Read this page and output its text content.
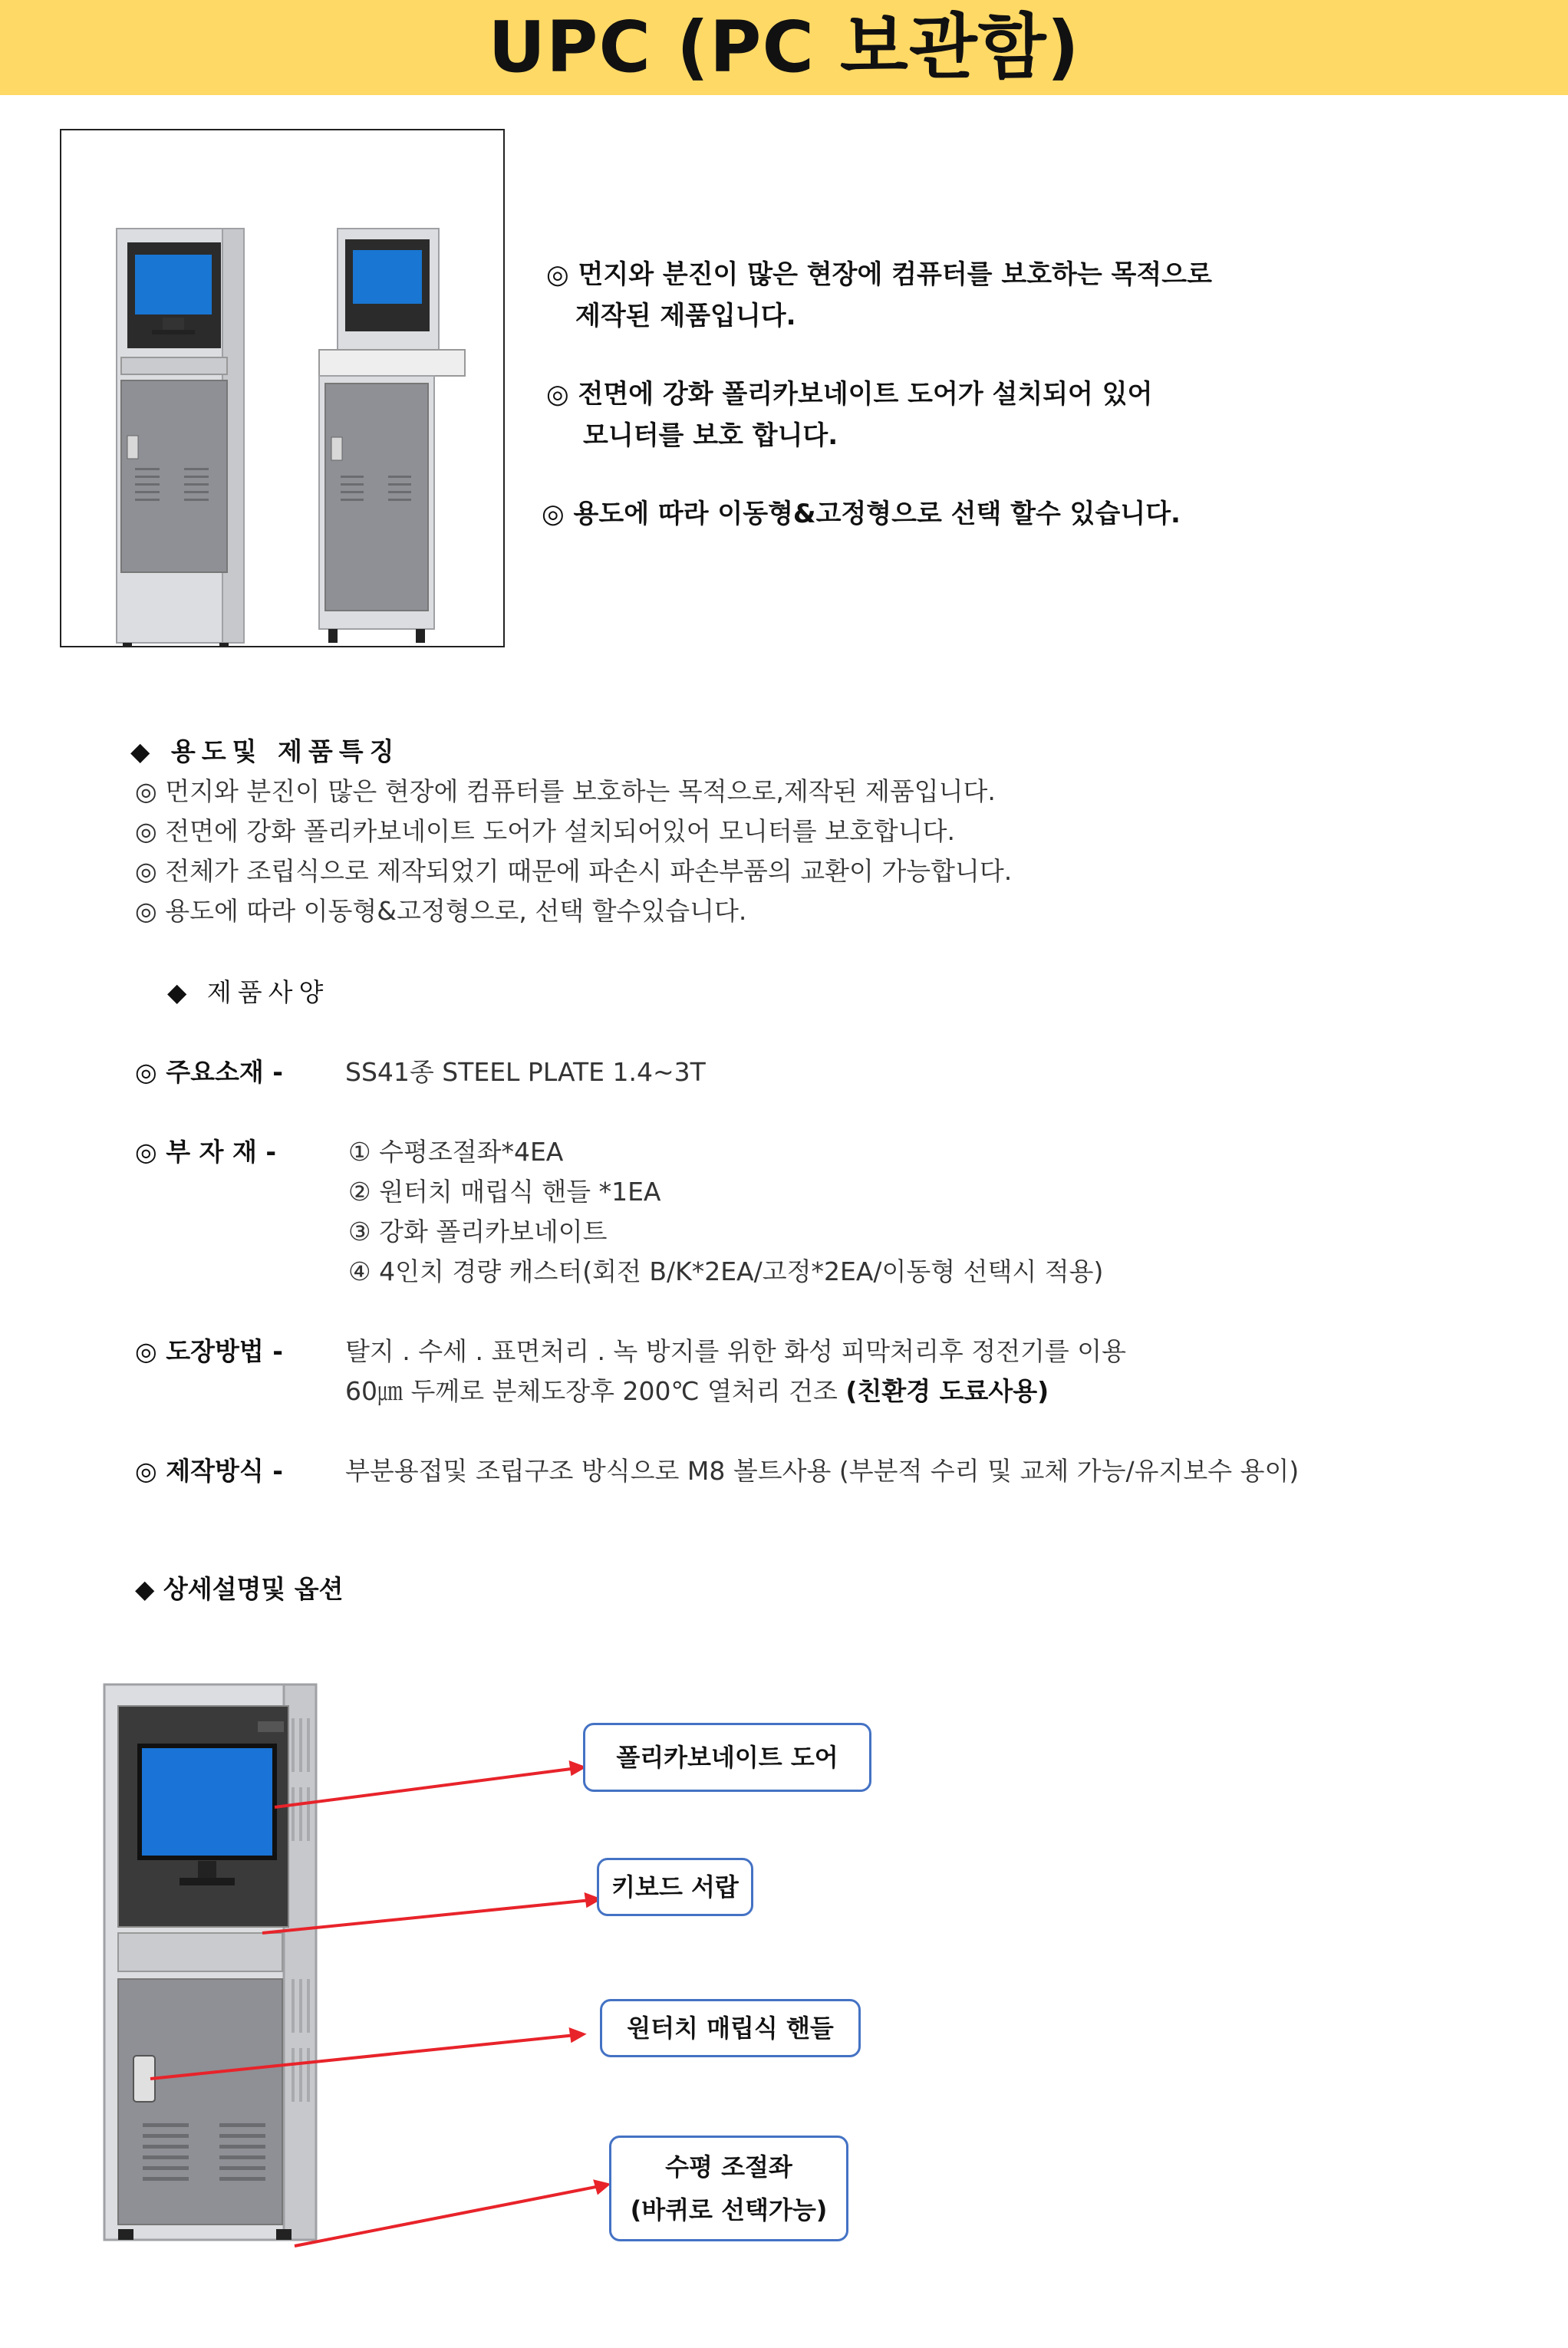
UPC (PC 보관함)
◎ 먼지와 분진이 많은 현장에 컴퓨터를 보호하는 목적으로
제작된 제품입니다.
◎ 전면에 강화 폴리카보네이트 도어가 설치되어 있어
모니터를 보호 합니다.
◎ 용도에 따라 이동형&고정형으로 선택 할수 있습니다.
◆ 용도및 제품특징
◎ 먼지와 분진이 많은 현장에 컴퓨터를 보호하는 목적으로,제작된 제품입니다.
◎ 전면에 강화 폴리카보네이트 도어가 설치되어있어 모니터를 보호합니다.
◎ 전체가 조립식으로 제작되었기 때문에 파손시 파손부품의 교환이 가능합니다.
◎ 용도에 따라 이동형&고정형으로, 선택 할수있습니다.
◆ 제품사양
◎ 주요소재 - SS41종 STEEL PLATE 1.4~3T
◎ 부 자 재 -	① 수평조절좌*4EA
② 원터치 매립식 핸들 *1EA
③ 강화 폴리카보네이트
④ 4인치 경량 캐스터(회전 B/K*2EA/고정*2EA/이동형 선택시 적용)
◎ 도장방법 - 탈지 . 수세 . 표면처리 . 녹 방지를 위한 화성 피막처리후 정전기를 이용
60㎛ 두께로 분체도장후 200℃ 열처리 건조 (친환경 도료사용)
◎ 제작방식 - 부분용접및 조립구조 방식으로 M8 볼트사용 (부분적 수리 및 교체 가능/유지보수 용이)
◆ 상세설명및 옵션
폴리카보네이트 도어
키보드 서랍
원터치 매립식 핸들
수평 조절좌
(바퀴로 선택가능)
